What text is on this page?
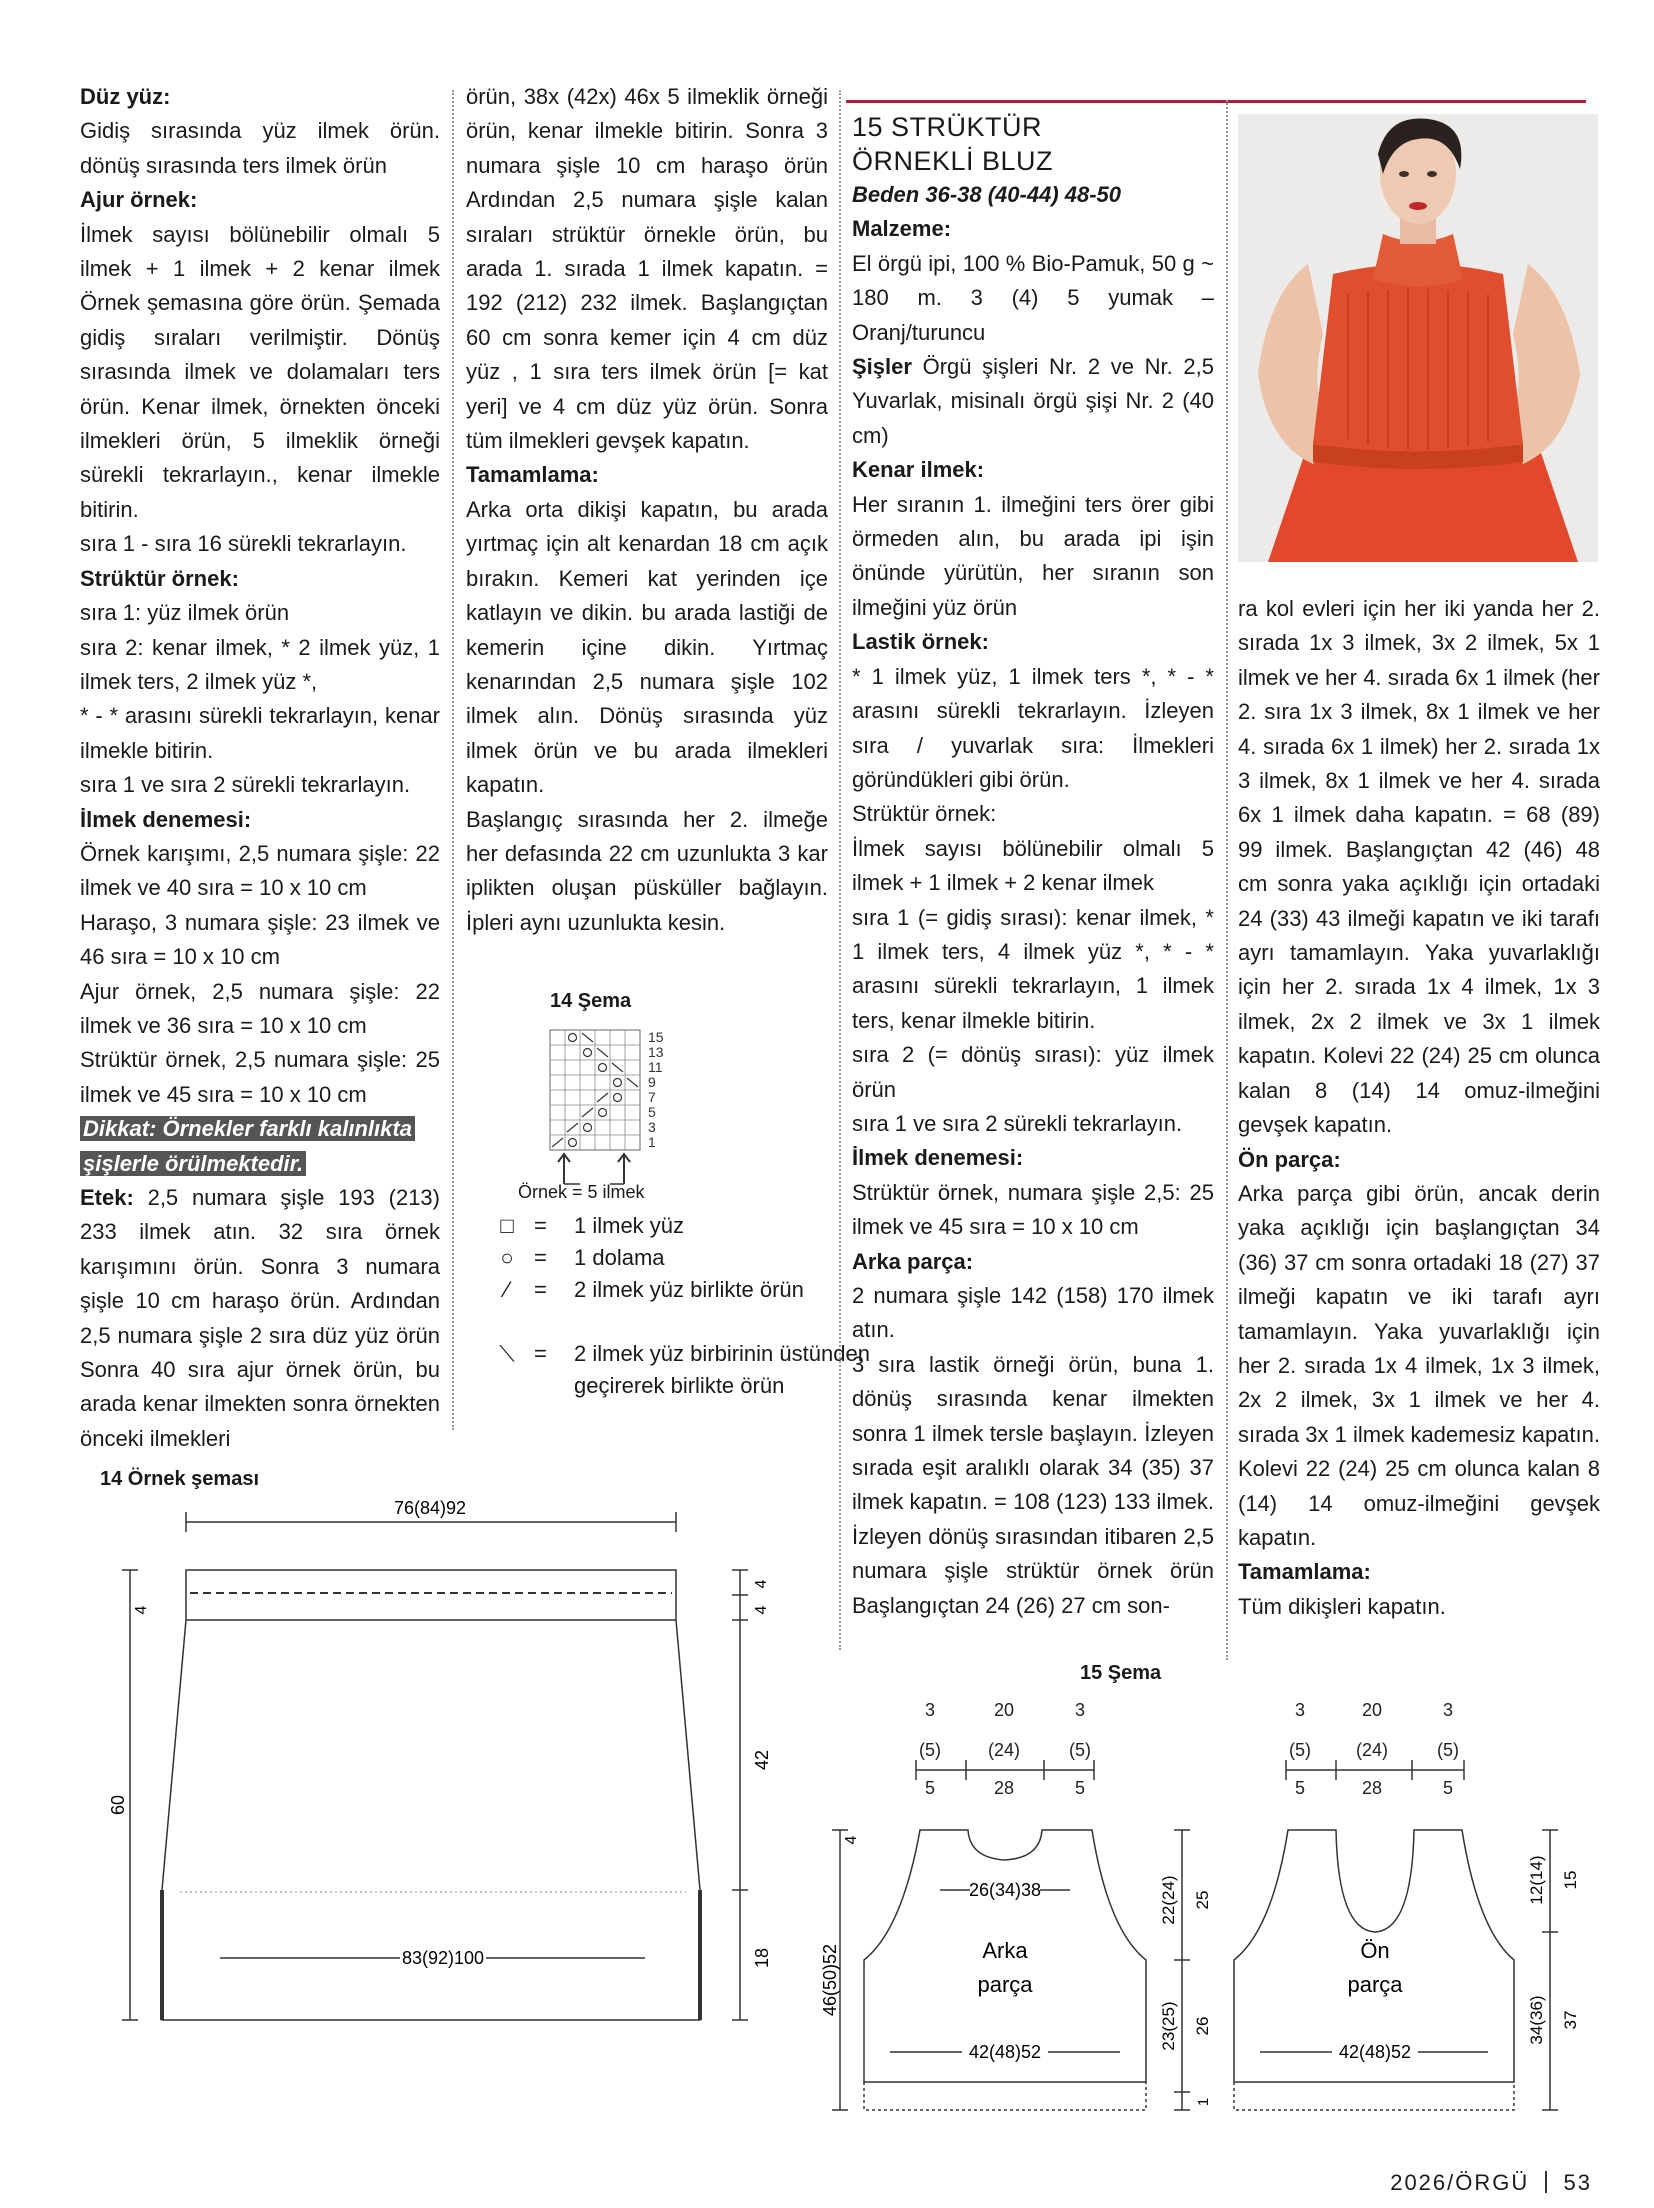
Düz yüz:

Gidiş sırasında yüz ilmek örün. dönüş sırasında ters ilmek örün

Ajur örnek:

İlmek sayısı bölünebilir olmalı 5 ilmek + 1 ilmek + 2 kenar ilmek Örnek şemasına göre örün. Şemada gidiş sıraları verilmiştir. Dönüş sırasında ilmek ve dolamaları ters örün. Kenar ilmek, örnekten önceki ilmekleri örün, 5 ilmeklik örneği sürekli tekrarlayın., kenar ilmekle bitirin.

sıra 1 - sıra 16 sürekli tekrarlayın.

Strüktür örnek:

sıra 1: yüz ilmek örün

sıra 2: kenar ilmek, * 2 ilmek yüz, 1 ilmek ters, 2 ilmek yüz *,

* - * arasını sürekli tekrarlayın, kenar ilmekle bitirin.

sıra 1 ve sıra 2 sürekli tekrarlayın.

İlmek denemesi:

Örnek karışımı, 2,5 numara şişle: 22 ilmek ve 40 sıra = 10 x 10 cm

Haraşo, 3 numara şişle: 23 ilmek ve 46 sıra = 10 x 10 cm

Ajur örnek, 2,5 numara şişle: 22 ilmek ve 36 sıra = 10 x 10 cm

Strüktür örnek, 2,5 numara şişle: 25 ilmek ve 45 sıra = 10 x 10 cm

Dikkat: Örnekler farklı kalınlıkta

şişlerle örülmektedir.

Etek: 2,5 numara şişle 193 (213) 233 ilmek atın. 32 sıra örnek karışımını örün. Sonra 3 numara şişle 10 cm haraşo örün. Ardından 2,5 numara şişle 2 sıra düz yüz örün Sonra 40 sıra ajur örnek örün, bu arada kenar ilmekten sonra örnekten önceki ilmekleri

örün, 38x (42x) 46x 5 ilmeklik örneği örün, kenar ilmekle bitirin. Sonra 3 numara şişle 10 cm haraşo örün Ardından 2,5 numara şişle kalan sıraları strüktür örnekle örün, bu arada 1. sırada 1 ilmek kapatın. = 192 (212) 232 ilmek. Başlangıçtan 60 cm sonra kemer için 4 cm düz yüz , 1 sıra ters ilmek örün [= kat yeri] ve 4 cm düz yüz örün. Sonra tüm ilmekleri gevşek kapatın.

Tamamlama:

Arka orta dikişi kapatın, bu arada yırtmaç için alt kenardan 18 cm açık bırakın. Kemeri kat yerinden içe katlayın ve dikin. bu arada lastiği de kemerin içine dikin. Yırtmaç kenarından 2,5 numara şişle 102 ilmek alın. Dönüş sırasında yüz ilmek örün ve bu arada ilmekleri kapatın.

Başlangıç sırasında her 2. ilmeğe her defasında 22 cm uzunlukta 3 kar iplikten oluşan püsküller bağlayın. İpleri aynı uzunlukta kesin.

15 STRÜKTÜR
ÖRNEKLİ BLUZ

Beden 36-38 (40-44) 48-50

Malzeme:

El örgü ipi, 100 % Bio-Pamuk, 50 g ~ 180 m. 3 (4) 5 yumak – Oranj/turuncu

Şişler Örgü şişleri Nr. 2 ve Nr. 2,5 Yuvarlak, misinalı örgü şişi Nr. 2 (40 cm)

Kenar ilmek:

Her sıranın 1. ilmeğini ters örer gibi örmeden alın, bu arada ipi işin önünde yürütün, her sıranın son ilmeğini yüz örün

Lastik örnek:

* 1 ilmek yüz, 1 ilmek ters *, * - * arasını sürekli tekrarlayın. İzleyen sıra / yuvarlak sıra: İlmekleri göründükleri gibi örün.

Strüktür örnek:

İlmek sayısı bölünebilir olmalı 5 ilmek + 1 ilmek + 2 kenar ilmek

sıra 1 (= gidiş sırası): kenar ilmek, * 1 ilmek ters, 4 ilmek yüz *, * - * arasını sürekli tekrarlayın, 1 ilmek ters, kenar ilmekle bitirin.

sıra 2 (= dönüş sırası): yüz ilmek örün

sıra 1 ve sıra 2 sürekli tekrarlayın.

İlmek denemesi:

Strüktür örnek, numara şişle 2,5: 25 ilmek ve 45 sıra = 10 x 10 cm

Arka parça:

2 numara şişle 142 (158) 170 ilmek atın.

3 sıra lastik örneği örün, buna 1. dönüş sırasında kenar ilmekten sonra 1 ilmek tersle başlayın. İzleyen sırada eşit aralıklı olarak 34 (35) 37 ilmek kapatın. = 108 (123) 133 ilmek. İzleyen dönüş sırasından itibaren 2,5 numara şişle strüktür örnek örün Başlangıçtan 24 (26) 27 cm son-

ra kol evleri için her iki yanda her 2. sırada 1x 3 ilmek, 3x 2 ilmek, 5x 1 ilmek ve her 4. sırada 6x 1 ilmek (her 2. sıra 1x 3 ilmek, 8x 1 ilmek ve her 4. sırada 6x 1 ilmek) her 2. sırada 1x 3 ilmek, 8x 1 ilmek ve her 4. sırada 6x 1 ilmek daha kapatın. = 68 (89) 99 ilmek. Başlangıçtan 42 (46) 48 cm sonra yaka açıklığı için ortadaki 24 (33) 43 ilmeği kapatın ve iki tarafı ayrı tamamlayın. Yaka yuvarlaklığı için her 2. sırada 1x 4 ilmek, 1x 3 ilmek, 2x 2 ilmek ve 3x 1 ilmek kapatın. Kolevi 22 (24) 25 cm olunca kalan 8 (14) 14 omuz-ilmeğini gevşek kapatın.

Ön parça:

Arka parça gibi örün, ancak derin yaka açıklığı için başlangıçtan 34 (36) 37 cm sonra ortadaki 18 (27) 37 ilmeği kapatın ve iki tarafı ayrı tamamlayın. Yaka yuvarlaklığı için her 2. sırada 1x 4 ilmek, 1x 3 ilmek, 2x 2 ilmek, 3x 1 ilmek ve her 4. sırada 3x 1 ilmek kademesiz kapatın. Kolevi 22 (24) 25 cm olunca kalan 8 (14) 14 omuz-ilmeğini gevşek kapatın.

Tamamlama:

Tüm dikişleri kapatın.

14 Şema
15
13
11
9
7
5
3
1
Örnek = 5 ilmek
□ = 1 ilmek yüz
○ = 1 dolama
⁄	= 2 ilmek yüz birlikte örün
⟍ = 2 ilmek yüz birbirinin üstünden geçirerek birlikte örün
14 Örnek şeması
76(84)92
83(92)100
60
4
4
4
42
18
15 Şema
3	20	3
(5)	(24)	(5)
5	28	5
26(34)38
Arka
parça
42(48)52
46(50)52
4
22(24) 25
23(25) 26
1
3	20	3
(5) (24)	(5)
5	28	5
Ön
parça
42(48)52
12(14) 15
34(36) 37
2026/ÖRGÜ 53
